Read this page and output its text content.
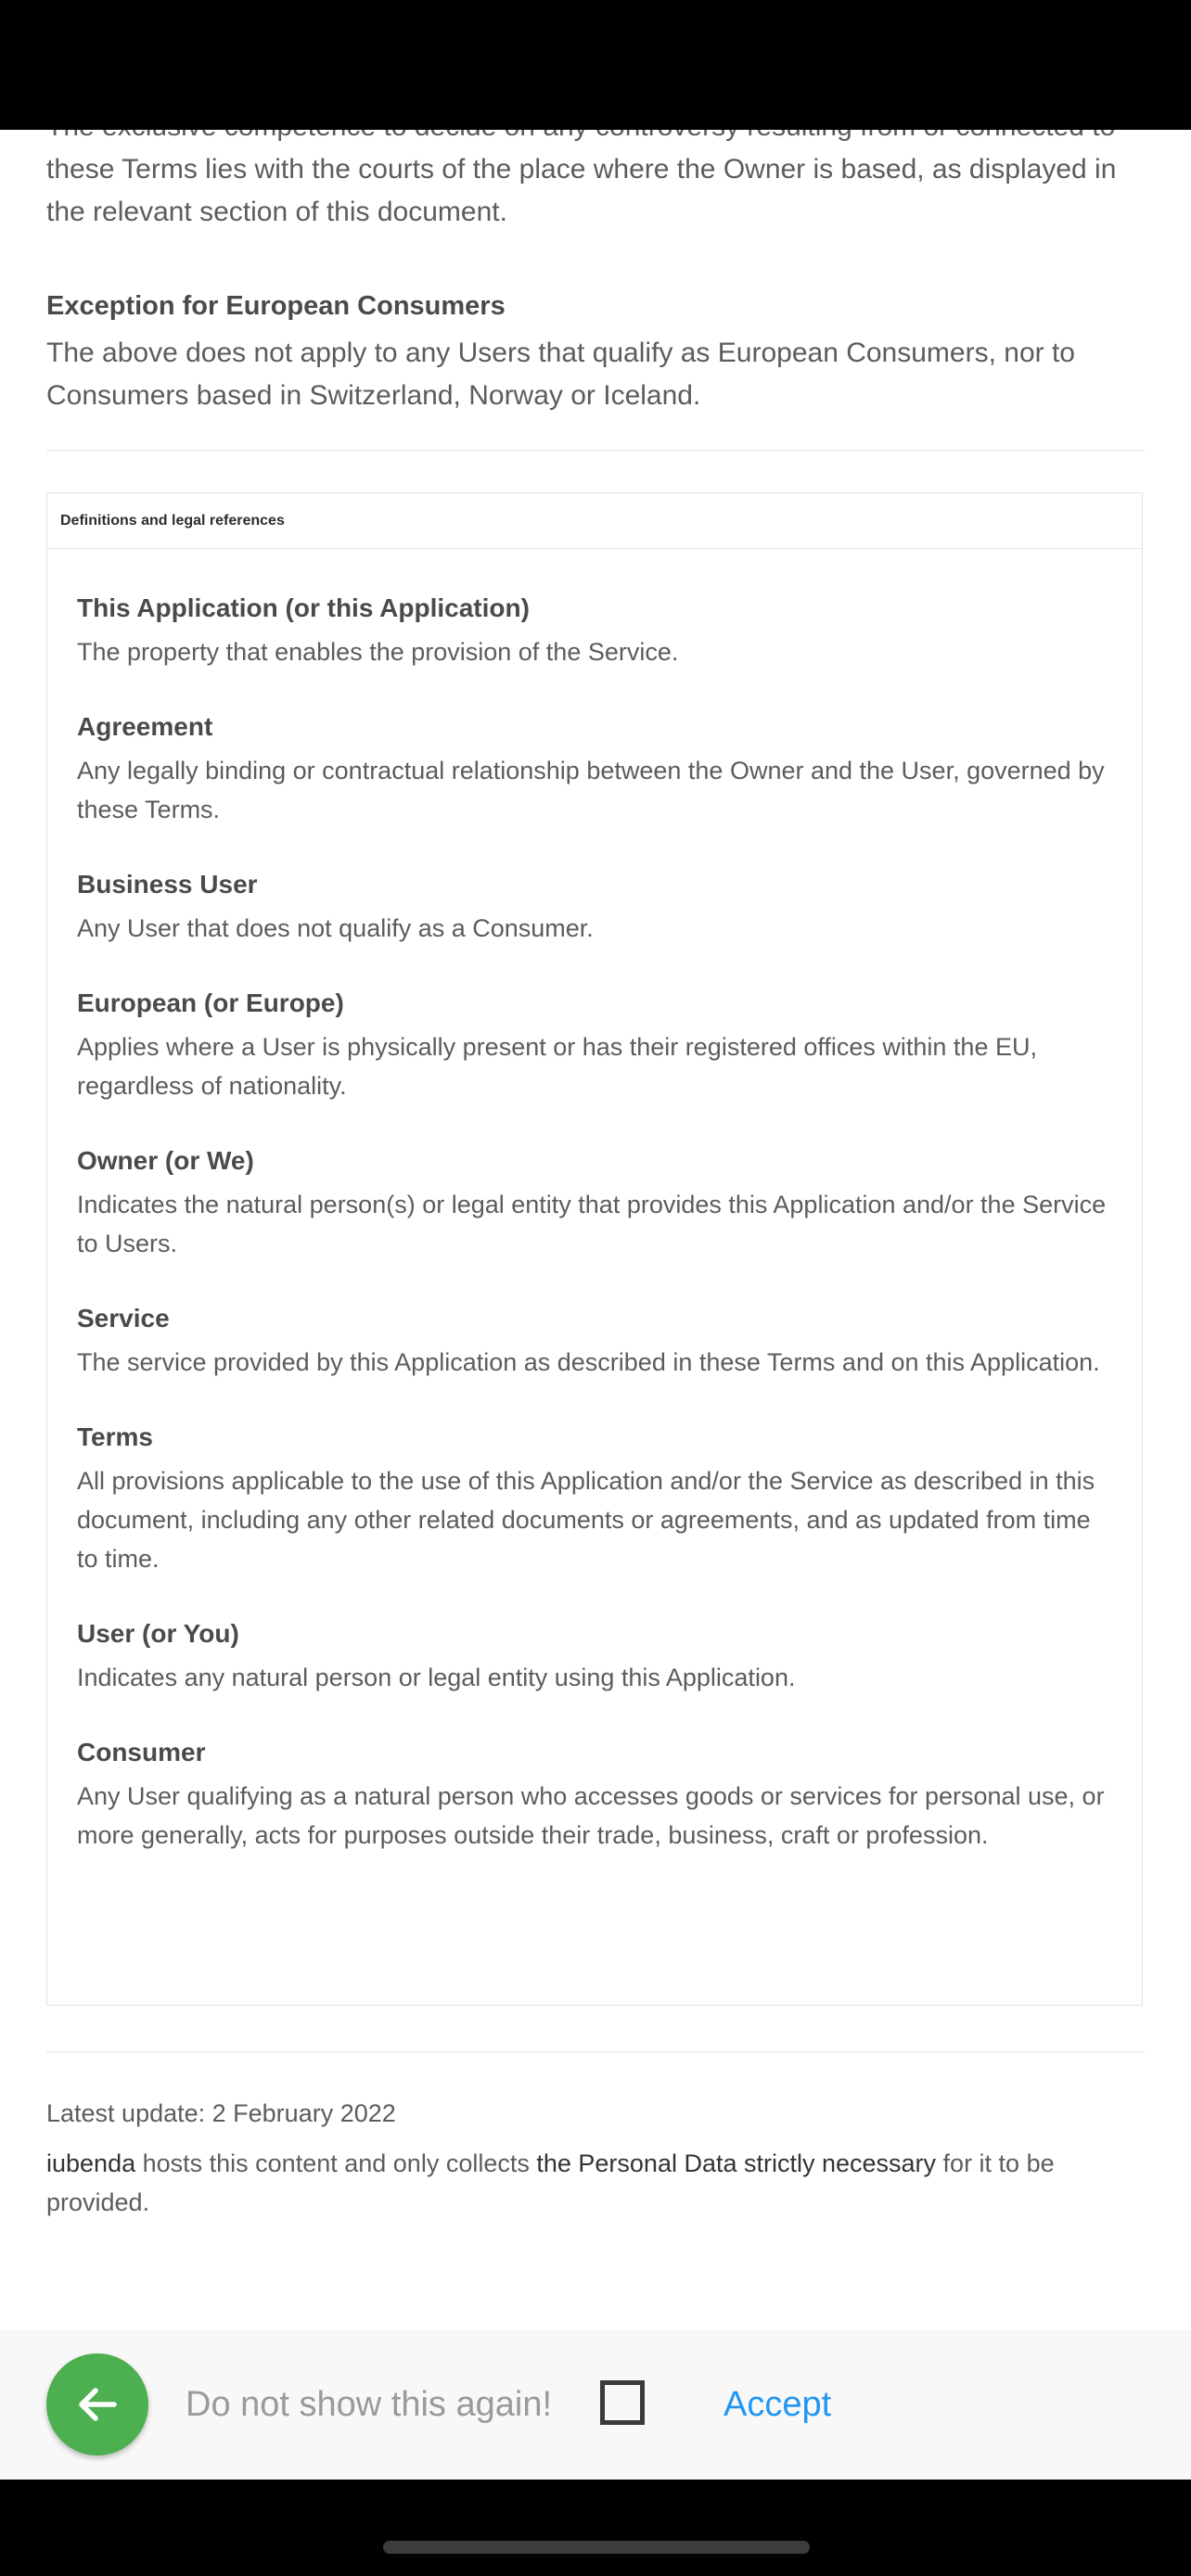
these Terms lies with the courts of the place where the Owner is based, as displayed in the relevant section of this document.

Exception for European Consumers

The above does not apply to any Users that qualify as European Consumers, nor to Consumers based in Switzerland, Norway or Iceland.

Definitions and legal references

This Application (or this Application)

The property that enables the provision of the Service.

Agreement

Any legally binding or contractual relationship between the Owner and the User, governed by these Terms.

Business User

Any User that does not qualify as a Consumer.

European (or Europe)

Applies where a User is physically present or has their registered offices within the EU, regardless of nationality.

Owner (or We)

Indicates the natural person(s) or legal entity that provides this Application and/or the Service to Users.

Service

The service provided by this Application as described in these Terms and on this Application.

Terms

All provisions applicable to the use of this Application and/or the Service as described in this document, including any other related documents or agreements, and as updated from time to time.

User (or You)

Indicates any natural person or legal entity using this Application.

Consumer

Any User qualifying as a natural person who accesses goods or services for personal use, or more generally, acts for purposes outside their trade, business, craft or profession.

Latest update: 2 February 2022
iubenda hosts this content and only collects the Personal Data strictly necessary for it to be provided.
Do not show this again!	Accept
